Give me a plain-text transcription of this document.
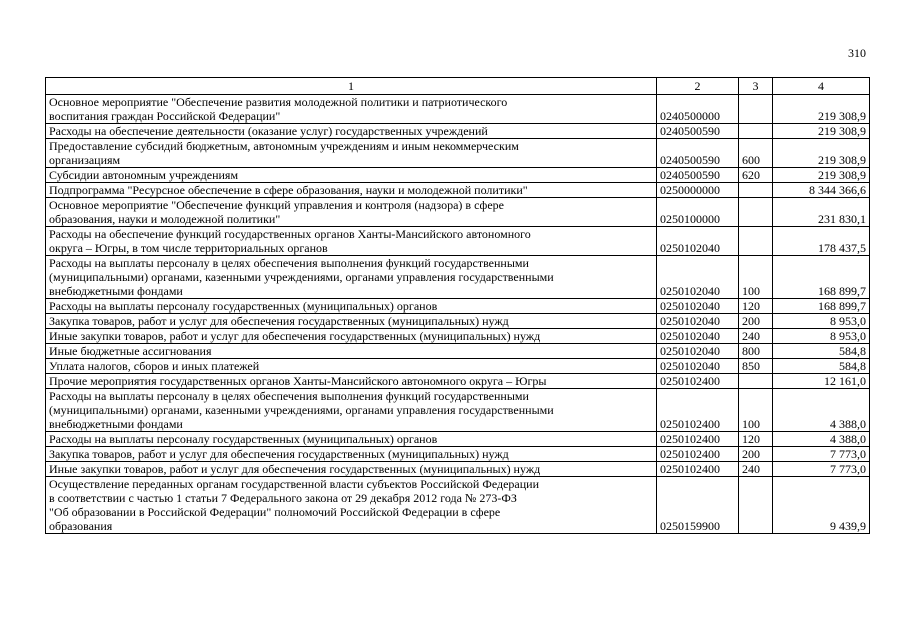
310
1	2	3	4
Основное мероприятие "Обеспечение развития молодежной политики и патриотического
воспитания граждан Российской Федерации"	0240500000		219 308,9
Расходы на обеспечение деятельности (оказание услуг) государственных учреждений	0240500590		219 308,9
Предоставление субсидий бюджетным, автономным учреждениям и иным некоммерческим
организациям	0240500590	600	219 308,9
Субсидии автономным учреждениям	0240500590	620	219 308,9
Подпрограмма "Ресурсное обеспечение в сфере образования, науки и молодежной политики"	0250000000		8 344 366,6
Основное мероприятие "Обеспечение функций управления и контроля (надзора) в сфере
образования, науки и молодежной политики"	0250100000		231 830,1
Расходы на обеспечение функций государственных органов Ханты-Мансийского автономного
округа – Югры, в том числе территориальных органов	0250102040		178 437,5
Расходы на выплаты персоналу в целях обеспечения выполнения функций государственными
(муниципальными) органами, казенными учреждениями, органами управления государственными
внебюджетными фондами	0250102040	100	168 899,7
Расходы на выплаты персоналу государственных (муниципальных) органов	0250102040	120	168 899,7
Закупка товаров, работ и услуг для обеспечения государственных (муниципальных) нужд	0250102040	200	8 953,0
Иные закупки товаров, работ и услуг для обеспечения государственных (муниципальных) нужд	0250102040	240	8 953,0
Иные бюджетные ассигнования	0250102040	800	584,8
Уплата налогов, сборов и иных платежей	0250102040	850	584,8
Прочие мероприятия государственных органов Ханты-Мансийского автономного округа – Югры	0250102400		12 161,0
Расходы на выплаты персоналу в целях обеспечения выполнения функций государственными
(муниципальными) органами, казенными учреждениями, органами управления государственными
внебюджетными фондами	0250102400	100	4 388,0
Расходы на выплаты персоналу государственных (муниципальных) органов	0250102400	120	4 388,0
Закупка товаров, работ и услуг для обеспечения государственных (муниципальных) нужд	0250102400	200	7 773,0
Иные закупки товаров, работ и услуг для обеспечения государственных (муниципальных) нужд	0250102400	240	7 773,0
Осуществление переданных органам государственной власти субъектов Российской Федерации
в соответствии с частью 1 статьи 7 Федерального закона от 29 декабря 2012 года № 273-ФЗ
"Об образовании в Российской Федерации" полномочий Российской Федерации в сфере
образования	0250159900		9 439,9
